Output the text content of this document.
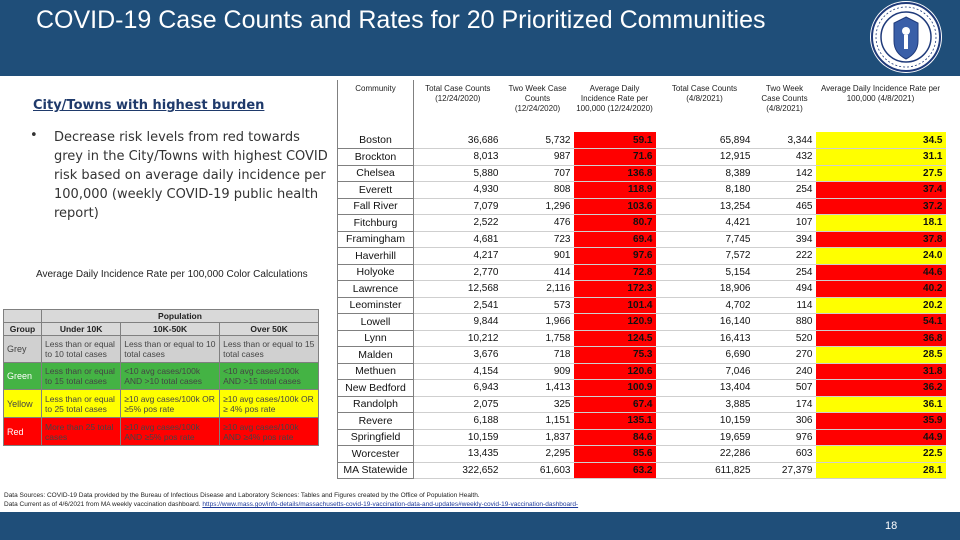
COVID-19 Case Counts and Rates for 20 Prioritized Communities
City/Towns with highest burden
•	Decrease risk levels from red towards grey in the City/Towns with highest COVID risk based on average daily incidence per 100,000 (weekly COVID-19 public health report)
Average Daily Incidence Rate per 100,000 Color Calculations
	Population		
Group	Under 10K	10K-50K	Over 50K
Grey	Less than or equal to 10 total cases	Less than or equal to 10 total cases	Less than or equal to 15 total cases
Green	Less than or equal to 15 total cases	<10 avg cases/100k AND >10 total cases	<10 avg cases/100k AND >15 total cases
Yellow	Less than or equal to 25 total cases	≥10 avg cases/100k OR ≥5% pos rate	≥10 avg cases/100k OR ≥ 4% pos rate
Red	More than 25 total cases	≥10 avg cases/100k AND ≥5% pos rate	≥10 avg cases/100k AND ≥4% pos rate
Community	Total Case Counts (12/24/2020)	Two Week Case Counts (12/24/2020)	Average Daily Incidence Rate per 100,000 (12/24/2020)	Total Case Counts (4/8/2021)	Two Week Case Counts (4/8/2021)	Average Daily Incidence Rate per 100,000 (4/8/2021)
Boston	36,686	5,732	59.1	65,894	3,344	34.5
Brockton	8,013	987	71.6	12,915	432	31.1
Chelsea	5,880	707	136.8	8,389	142	27.5
Everett	4,930	808	118.9	8,180	254	37.4
Fall River	7,079	1,296	103.6	13,254	465	37.2
Fitchburg	2,522	476	80.7	4,421	107	18.1
Framingham	4,681	723	69.4	7,745	394	37.8
Haverhill	4,217	901	97.6	7,572	222	24.0
Holyoke	2,770	414	72.8	5,154	254	44.6
Lawrence	12,568	2,116	172.3	18,906	494	40.2
Leominster	2,541	573	101.4	4,702	114	20.2
Lowell	9,844	1,966	120.9	16,140	880	54.1
Lynn	10,212	1,758	124.5	16,413	520	36.8
Malden	3,676	718	75.3	6,690	270	28.5
Methuen	4,154	909	120.6	7,046	240	31.8
New Bedford	6,943	1,413	100.9	13,404	507	36.2
Randolph	2,075	325	67.4	3,885	174	36.1
Revere	6,188	1,151	135.1	10,159	306	35.9
Springfield	10,159	1,837	84.6	19,659	976	44.9
Worcester	13,435	2,295	85.6	22,286	603	22.5
MA Statewide	322,652	61,603	63.2	611,825	27,379	28.1
Data Sources: COVID-19 Data provided by the Bureau of Infectious Disease and Laboratory Sciences: Tables and Figures created by the Office of Population Health.
Data Current as of 4/6/2021 from MA weekly vaccination dashboard. https://www.mass.gov/info-details/massachusetts-covid-19-vaccination-data-and-updates#weekly-covid-19-vaccination-dashboard-
18
